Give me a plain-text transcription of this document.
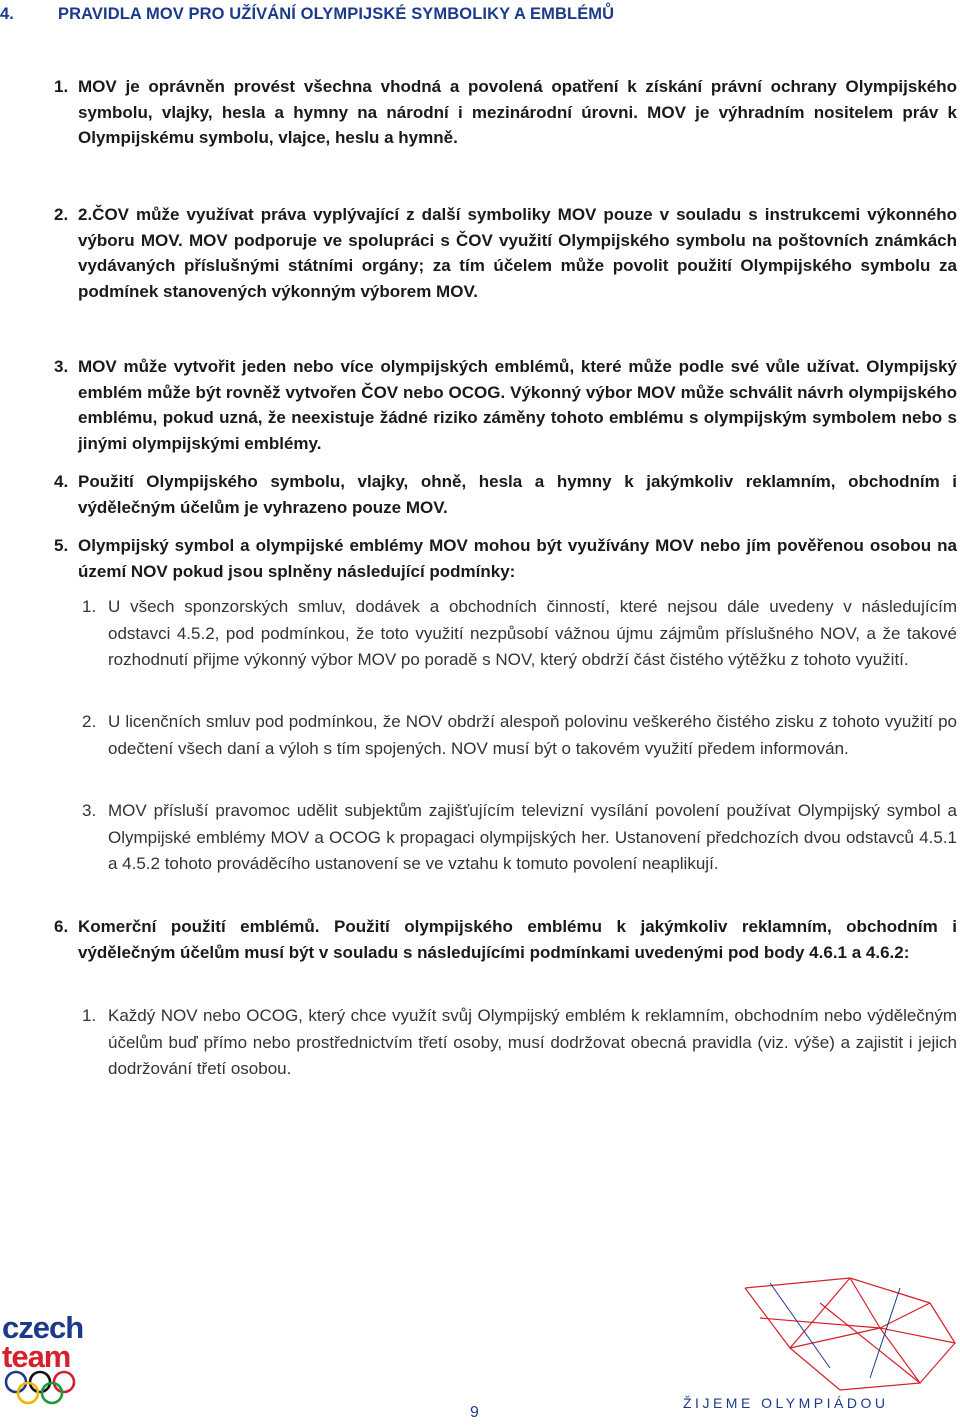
4.	PRAVIDLA MOV PRO UŽÍVÁNÍ OLYMPIJSKÉ SYMBOLIKY A EMBLÉMŮ
1. MOV je oprávněn provést všechna vhodná a povolená opatření k získání právní ochrany Olympijského symbolu, vlajky, hesla a hymny na národní i mezinárodní úrovni. MOV je výhradním nositelem práv k Olympijskému symbolu, vlajce, heslu a hymně.
2. 2.ČOV může využívat práva vyplývající z další symboliky MOV pouze v souladu s instrukcemi výkonného výboru MOV. MOV podporuje ve spolupráci s ČOV využití Olympijského symbolu na poštovních známkách vydávaných příslušnými státními orgány; za tím účelem může povolit použití Olympijského symbolu za podmínek stanovených výkonným výborem MOV.
3. MOV může vytvořit jeden nebo více olympijských emblémů, které může podle své vůle užívat. Olympijský emblém může být rovněž vytvořen ČOV nebo OCOG. Výkonný výbor MOV může schválit návrh olympijského emblému, pokud uzná, že neexistuje žádné riziko záměny tohoto emblému s olympijským symbolem nebo s jinými olympijskými emblémy.
4. Použití Olympijského symbolu, vlajky, ohně, hesla a hymny k jakýmkoliv reklamním, obchodním i výdělečným účelům je vyhrazeno pouze MOV.
5. Olympijský symbol a olympijské emblémy MOV mohou být využívány MOV nebo jím pověřenou osobou na území NOV pokud jsou splněny následující podmínky:
1. U všech sponzorských smluv, dodávek a obchodních činností, které nejsou dále uvedeny v následujícím odstavci 4.5.2, pod podmínkou, že toto využití nezpůsobí vážnou újmu zájmům příslušného NOV, a že takové rozhodnutí přijme výkonný výbor MOV po poradě s NOV, který obdrží část čistého výtěžku z tohoto využití.
2. U licenčních smluv pod podmínkou, že NOV obdrží alespoň polovinu veškerého čistého zisku z tohoto využití po odečtení všech daní a výloh s tím spojených. NOV musí být o takovém využití předem informován.
3. MOV přísluší pravomoc udělit subjektům zajišťujícím televizní vysílání povolení používat Olympijský symbol a Olympijské emblémy MOV a OCOG k propagaci olympijských her. Ustanovení předchozích dvou odstavců 4.5.1 a 4.5.2 tohoto prováděcího ustanovení se ve vztahu k tomuto povolení neaplikují.
6. Komerční použití emblémů. Použití olympijského emblému k jakýmkoliv reklamním, obchodním i výdělečným účelům musí být v souladu s následujícími podmínkami uvedenými pod body 4.6.1 a 4.6.2:
1. Každý NOV nebo OCOG, který chce využít svůj Olympijský emblém k reklamním, obchodním nebo výdělečným účelům buď přímo nebo prostřednictvím třetí osoby, musí dodržovat obecná pravidla (viz. výše) a zajistit i jejich dodržování třetí osobou.
czech
team
9
ŽIJEME OLYMPIÁDOU
